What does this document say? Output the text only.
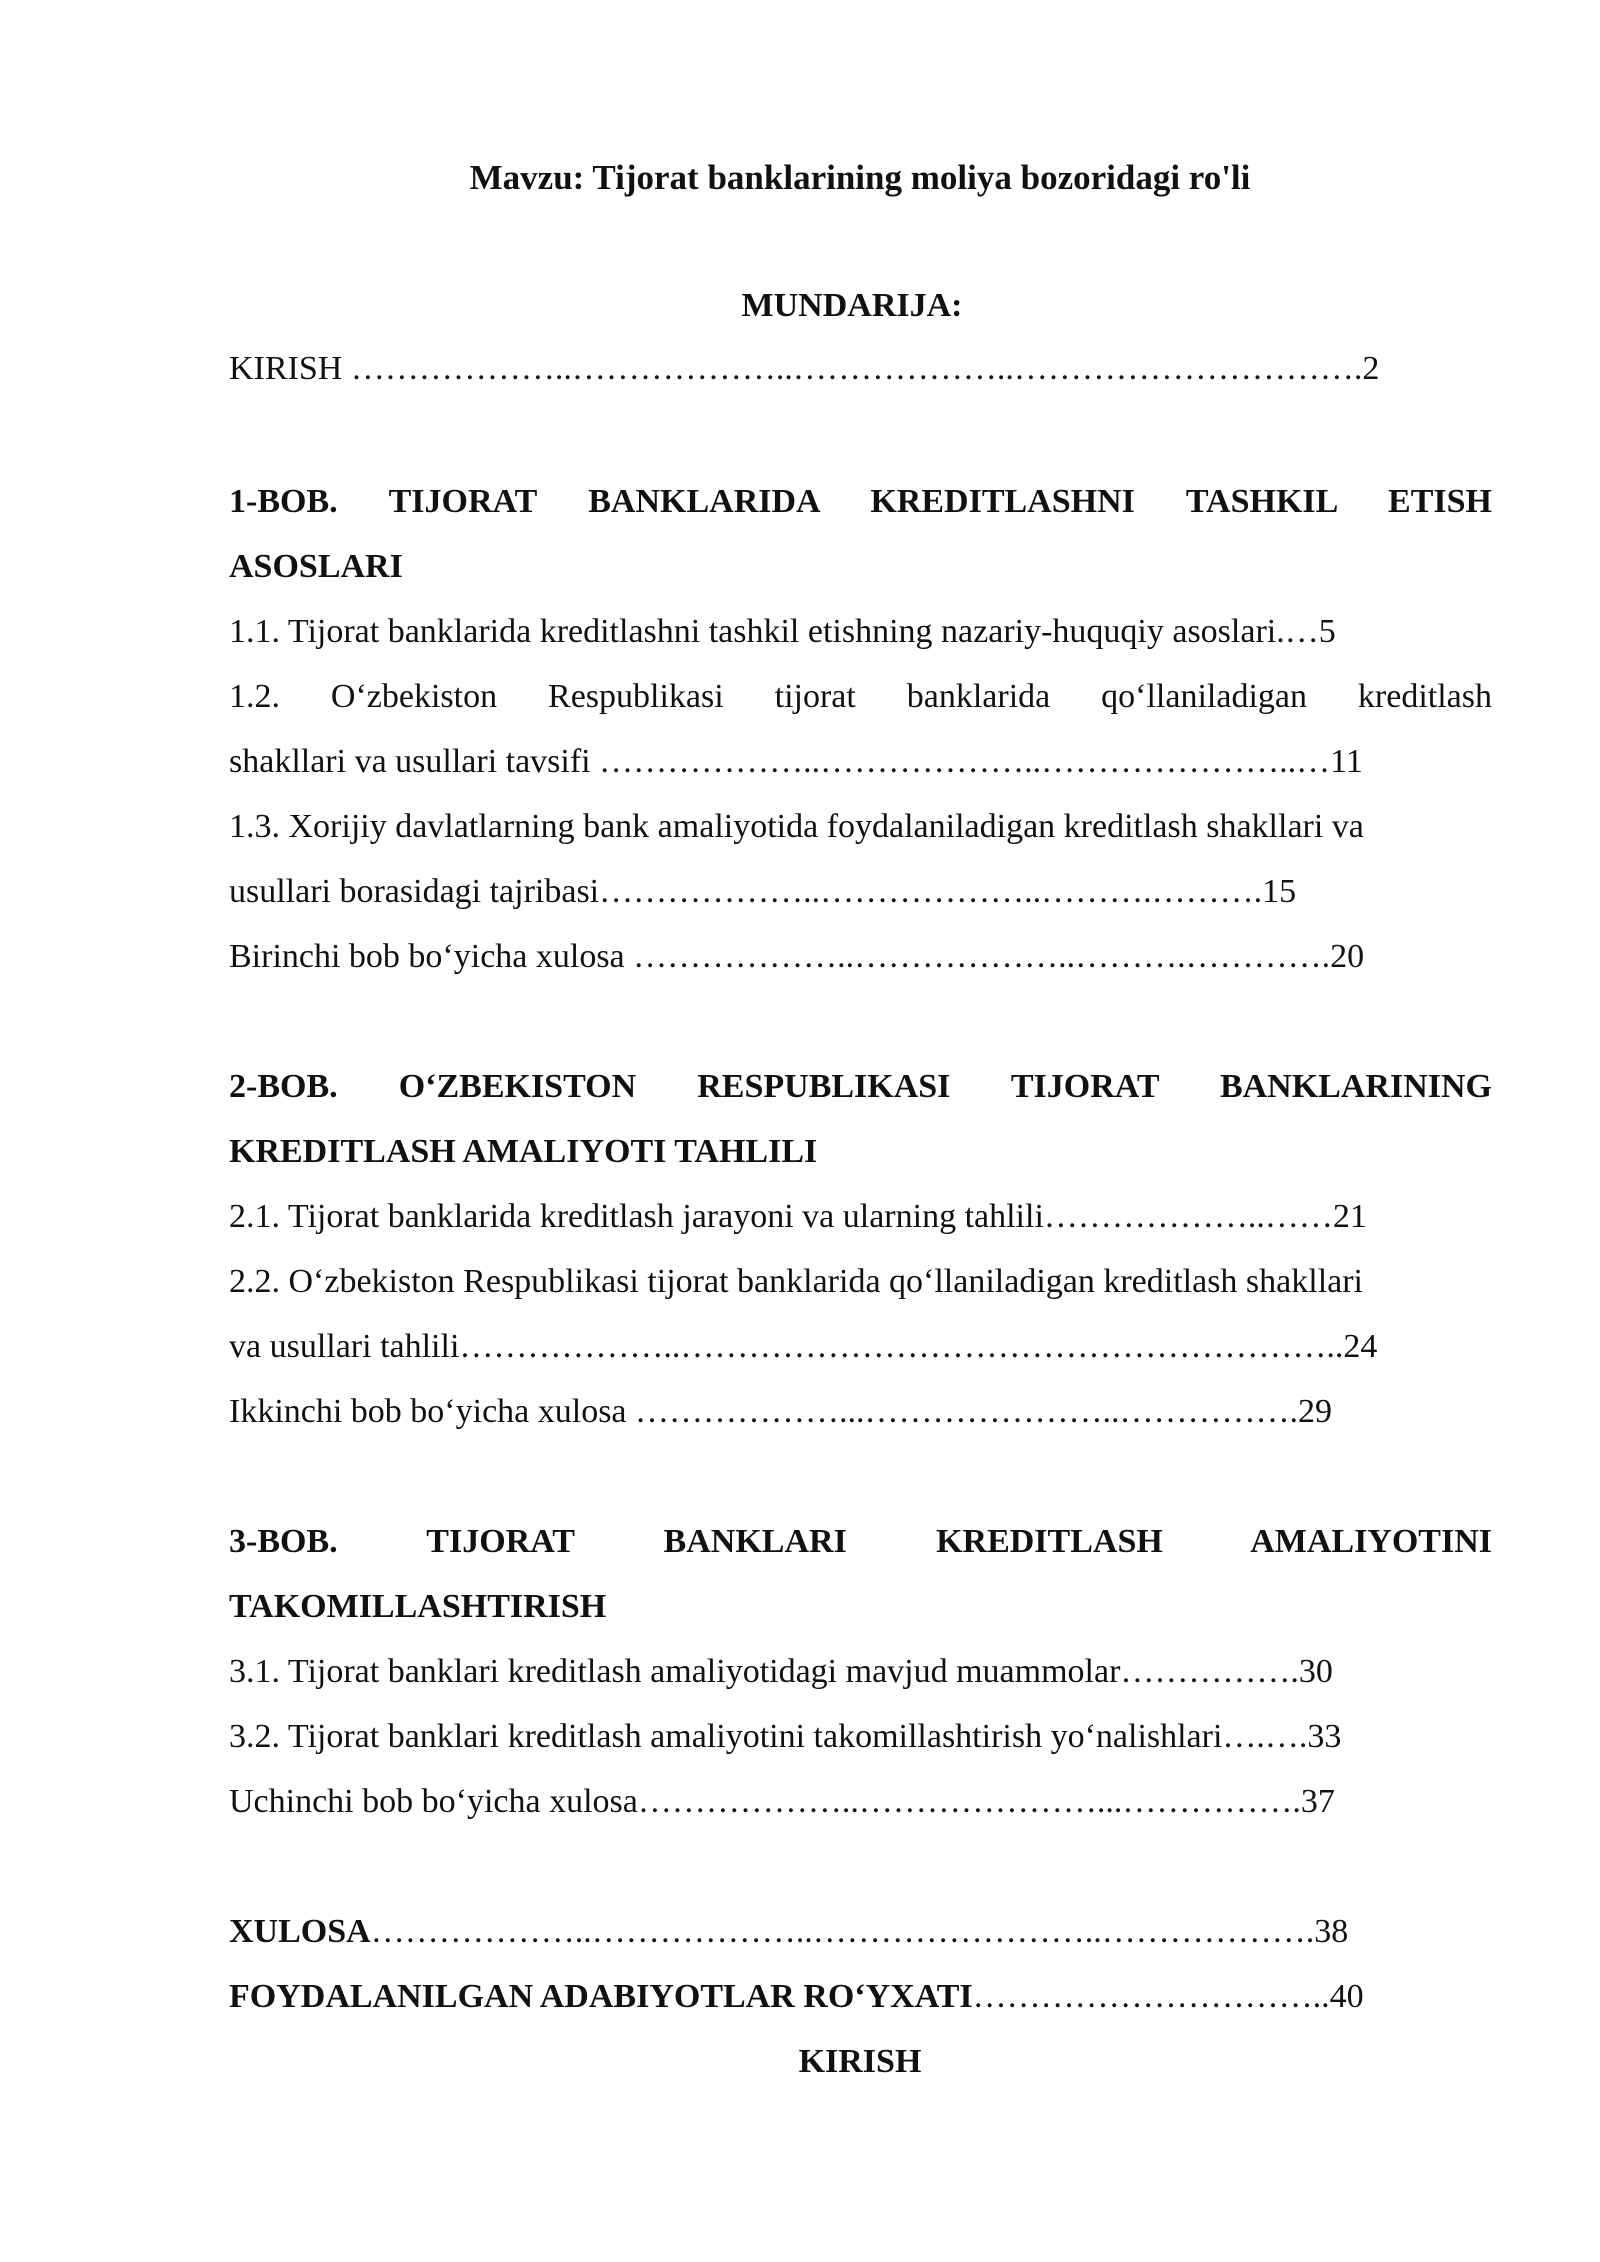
Mavzu: Tijorat banklarining moliya bozoridagi ro'li
MUNDARIJA:
KIRISH ………………..………………..………………..………………………….2
1-BOB. TIJORAT BANKLARIDA KREDITLASHNI TASHKIL ETISH
ASOSLARI
1.1. Tijorat banklarida kreditlashni tashkil etishning nazariy-huquqiy asoslari.…5
1.2. O‘zbekiston Respublikasi tijorat banklarida qo‘llaniladigan kreditlash
shakllari va usullari tavsifi ………………..………………..…………………..…11
1.3. Xorijiy davlatlarning bank amaliyotida foydalaniladigan kreditlash shakllari va
usullari borasidagi tajribasi………………..………………..……….……….15
Birinchi bob bo‘yicha xulosa ………………..………………..……….………….20
2-BOB. O‘ZBEKISTON RESPUBLIKASI TIJORAT BANKLARINING
KREDITLASH AMALIYOTI TAHLILI
2.1. Tijorat banklarida kreditlash jarayoni va ularning tahlili………………..……21
2.2. O‘zbekiston Respublikasi tijorat banklarida qo‘llaniladigan kreditlash shakllari
va usullari tahlili………………..…………………………………………………..24
Ikkinchi bob bo‘yicha xulosa ………………...…………………..…………….29
3-BOB. TIJORAT BANKLARI KREDITLASH AMALIYOTINI
TAKOMILLASHTIRISH
3.1. Tijorat banklari kreditlash amaliyotidagi mavjud muammolar…………….30
3.2. Tijorat banklari kreditlash amaliyotini takomillashtirish yo‘nalishlari….….33
Uchinchi bob bo‘yicha xulosa………………..…………………...…………….37
XULOSA………………..………………..……………………..……………….38
FOYDALANILGAN ADABIYOTLAR RO‘YXATI…………………………..40
KIRISH
